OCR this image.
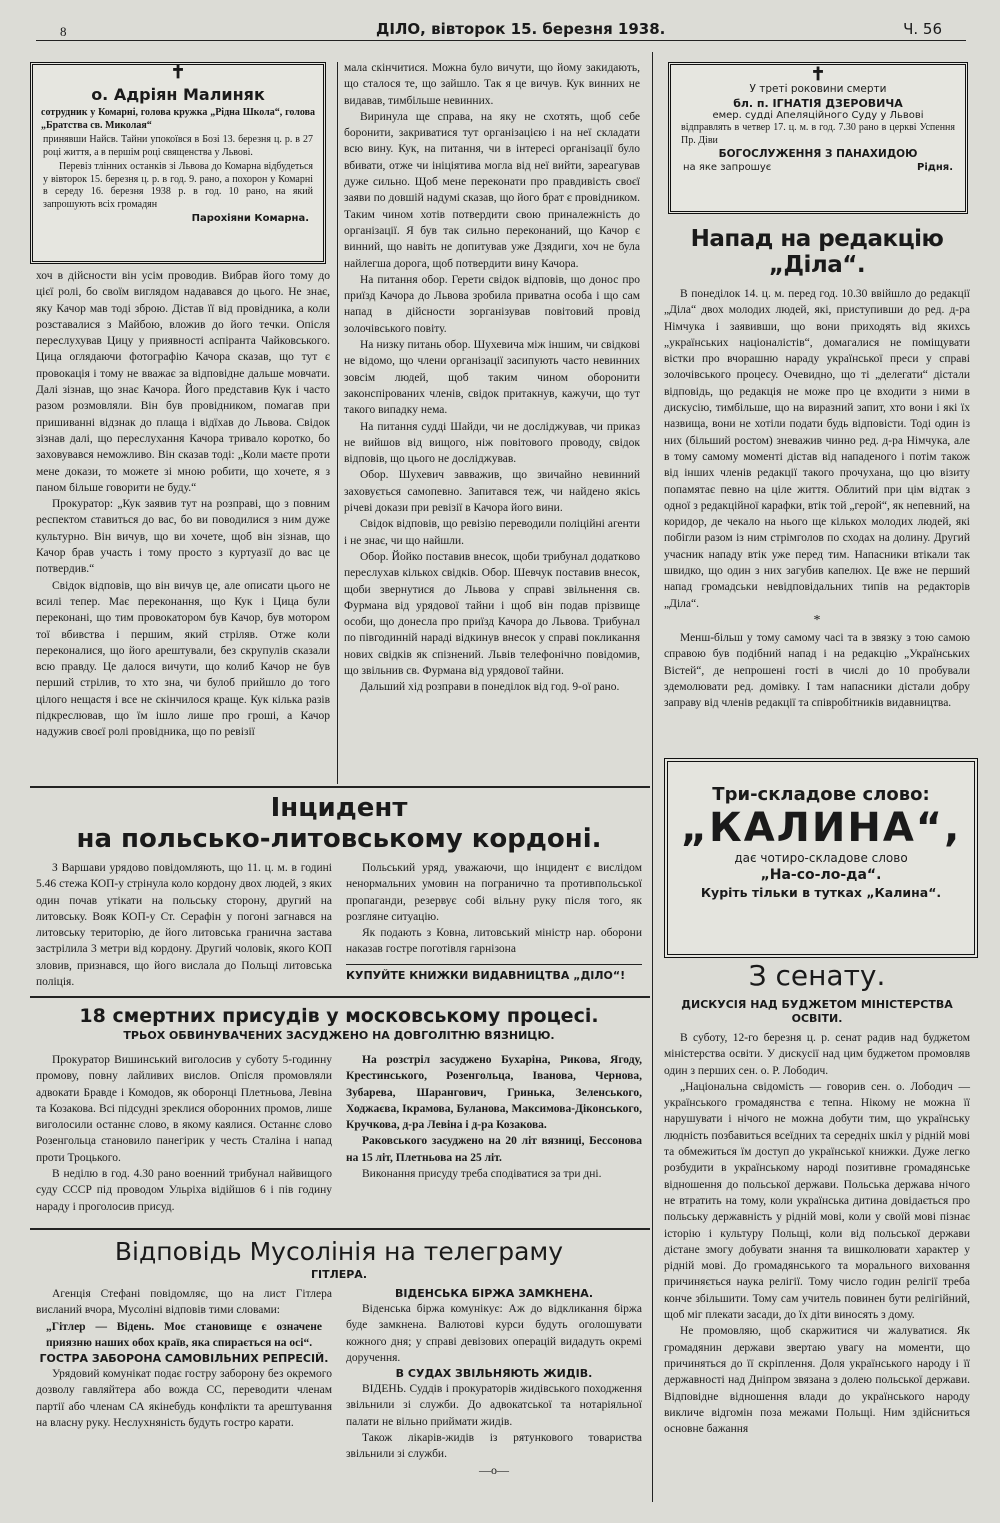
8	ДІЛО, вівторок 15. березня 1938.	Ч. 56
✝
о. Адріян Малиняк

сотрудник у Комарні, голова кружка „Рідна Школа“, голова „Братства св. Миколая“

принявши Найсв. Тайни упокоївся в Бозі 13. березня ц. р. в 27 році життя, а в першім році священства у Львові.

Перевіз тлінних останків зі Львова до Комарна відбудеться у вівторок 15. березня ц. р. в год. 9. рано, а похорон у Комарні в середу 16. березня 1938 р. в год. 10 рано, на який запрошують всіх громадян

Парохіяни Комарна.

хоч в дійсности він усім проводив. Вибрав його тому до цієї ролі, бо своїм виглядом надавався до цього. Не знає, яку Качор мав тоді зброю. Дістав її від провідника, а коли розставалися з Майбою, вложив до його течки. Опісля переслухував Цицу у приявності аспіранта Чайковського. Цица оглядаючи фотографію Качора сказав, що тут є провокація і тому не вважає за відповідне дальше мовчати. Далі зізнав, що знає Качора. Його представив Кук і часто разом розмовляли. Він був провідником, помагав при пришиванні відзнак до плаща і відїхав до Львова. Свідок зізнав далі, що переслухання Качора тривало коротко, бо заховувався неможливо. Він сказав тоді: „Коли маєте проти мене докази, то можете зі мною робити, що хочете, я з паном більше говорити не буду.“

Прокуратор: „Кук заявив тут на розправі, що з повним респектом ставиться до вас, бо ви поводилися з ним дуже культурно. Він вичув, що ви хочете, щоб він зізнав, що Качор брав участь і тому просто з куртуазії до вас це потвердив.“

Свідок відповів, що він вичув це, але описати цього не всилі тепер. Має переконання, що Кук і Цица були переконані, що тим провокатором був Качор, був мотором тої вбивства і першим, який стріляв. Отже коли переконалися, що його арештували, без скрупулів сказали всю правду. Це далося вичути, що колиб Качор не був перший стрілив, то хто зна, чи булоб прийшло до того цілого нещастя і все не скінчилося краще. Кук кілька разів підкреслював, що їм ішло лише про гроші, а Качор надужив своєї ролі провідника, що по ревізії

мала скінчитися. Можна було вичути, що йому закидають, що сталося те, що зайшло. Так я це вичув. Кук винних не видавав, тимбільше невинних.

Виринула ще справа, на яку не схотять, щоб себе боронити, закриватися тут організацією і на неї складати всю вину. Кук, на питання, чи в інтересі організації було вбивати, отже чи ініціятива могла від неї вийти, зареагував дуже сильно. Щоб мене переконати про правдивість своєї заяви по довшій надумі сказав, що його брат є провідником. Таким чином хотів потвердити свою приналежність до організації. Я був так сильно переконаний, що Качор є винний, що навіть не допитував уже Дзядиги, хоч не була найлегша дорога, щоб потвердити вину Качора.

На питання обор. Герети свідок відповів, що донос про приїзд Качора до Львова зробила приватна особа і що сам напад в дійсности зорганізував повітовий провід золочівського повіту.

На низку питань обор. Шухевича між іншим, чи свідкові не відомо, що члени організації засипують часто невинних зовсім людей, щоб таким чином оборонити законспірованих членів, свідок притакнув, кажучи, що тут такого випадку нема.

На питання судді Шайди, чи не досліджував, чи приказ не вийшов від вищого, ніж повітового проводу, свідок відповів, що цього не досліджував.

Обор. Шухевич завважив, що звичайно невинний заховується самопевно. Запитався теж, чи найдено якісь річеві докази при ревізії в Качора його вини.

Свідок відповів, що ревізію переводили поліційні агенти і не знає, чи що найшли.

Обор. Йойко поставив внесок, щоби трибунал додатково переслухав кількох свідків. Обор. Шевчук поставив внесок, щоби звернутися до Львова у справі звільнення св. Фурмана від урядової тайни і щоб він подав прізвище особи, що донесла про приїзд Качора до Львова. Трибунал по півгодинній нараді відкинув внесок у справі покликання нових свідків як спізнений. Львів телефонічно повідомив, що звільнив св. Фурмана від урядової тайни.

Дальший хід розправи в понеділок від год. 9-ої рано.

✝
У треті роковини смерти
бл. п. ІГНАТІЯ ДЗЕРОВИЧА
емер. судді Апеляційного Суду у Львові

відправлять в четвер 17. ц. м. в год. 7.30 рано в церкві Успення Пр. Діви

БОГОСЛУЖЕННЯ З ПАНАХИДОЮ
на яке запрошує	Рідня.
Напад на редакцію „Діла“.

В понеділок 14. ц. м. перед год. 10.30 ввійшло до редакції „Діла“ двох молодих людей, які, приступивши до ред. д-ра Німчука і заявивши, що вони приходять від якихсь „українських націоналістів“, домагалися не поміщувати вістки про вчорашню нараду української преси у справі золочівського процесу. Очевидно, що ті „делегати“ дістали відповідь, що редакція не може про це входити з ними в дискусію, тимбільше, що на виразний запит, хто вони і які їх назвища, вони не хотіли подати будь відповісти. Тоді один із них (більший ростом) зневажив чинно ред. д-ра Німчука, але в тому самому моменті дістав від нападеного і потім також від інших членів редакції такого прочухана, що цю візиту попамятає певно на ціле життя. Облитий при цім відтак з одної з редакційної карафки, втік той „герой“, як непевний, на коридор, де чекало на нього ще кількох молодих людей, які побігли разом із ним стрімголов по сходах на долину. Другий учасник нападу втік уже перед тим. Напасники втікали так швидко, що один з них загубив капелюх. Це вже не перший напад громадськи невідповідальних типів на редакторів „Діла“.

*

Менш-більш у тому самому часі та в звязку з тою самою справою був подібний напад і на редакцію „Українських Вістей“, де непрошені гості в числі до 10 пробували здемолювати ред. домівку. І там напасники дістали добру заправу від членів редакції та співробітників видавництва.

Три-складове слово:
„КАЛИНА“,
дає чотиро-складове слово
„На-со-ло-да“.
Куріть тільки в тутках „Калина“.
Інцидент
на польсько-литовському кордоні.

З Варшави урядово повідомляють, що 11. ц. м. в годині 5.46 стежа КОП-у стрінула коло кордону двох людей, з яких один почав утікати на польську сторону, другий на литовську. Вояк КОП-у Ст. Серафін у погоні загнався на литовську територію, де його литовська гранична застава застрілила 3 метри від кордону. Другий чоловік, якого КОП зловив, признався, що його вислала до Польщі литовська поліція.

Польський уряд, уважаючи, що інцидент є вислідом ненормальних умовин на погранично та противпольської пропаганди, резервує собі вільну руку після того, як розгляне ситуацію.

Як подають з Ковна, литовський міністр нар. оборони наказав гостре поготівля гарнізона

КУПУЙТЕ КНИЖКИ ВИДАВНИЦТВА „ДІЛО“!	З сенату.
ДИСКУСІЯ НАД БУДЖЕТОМ МІНІСТЕРСТВА ОСВІТИ.

В суботу, 12-го березня ц. р. сенат радив над буджетом міністерства освіти. У дискусії над цим буджетом промовляв один з перших сен. о. Р. Лободич.

„Національна свідомість — говорив сен. о. Лободич — українського громадянства є тепна. Нікому не можна її нарушувати і нічого не можна добути тим, що українську людність позбавиться всеїдних та середніх шкіл у рідній мові та обмежиться їм доступ до української книжки. Дуже легко розбудити в українському народі позитивне громадянське відношення до польської держави. Польська держава нічого не втратить на тому, коли українська дитина довідається про польську державність у рідній мові, коли у своїй мові пізнає історію і культуру Польщі, коли від польської держави дістане змогу добувати знання та вишколювати характер у рідній мові. До громадянського та морального виховання причиняється наука релігії. Тому число годин релігії треба конче збільшити. Тому сам учитель повинен бути релігійний, щоб міг плекати засади, до їх діти виносять з дому.

Не промовляю, щоб скаржитися чи жалуватися. Як громадянин держави звертаю увагу на моменти, що причиняться до її скріплення. Доля українського народу і її державності над Дніпром звязана з долею польської держави. Відповідне відношення влади до українського народу викличе відгомін поза межами Польщі. Ним здійсниться основне бажання

18 смертних присудів у московському процесі.
ТРЬОХ ОБВИНУВАЧЕНИХ ЗАСУДЖЕНО НА ДОВГОЛІТНЮ ВЯЗНИЦЮ.

Прокуратор Вишинський виголосив у суботу 5-годинну промову, повну лайливих вислов. Опісля промовляли адвокати Бравде і Комодов, як оборонці Плетньова, Левіна та Козакова. Всі підсудні зреклися оборонних промов, лише виголосили останнє слово, в якому каялися. Останнє слово Розенгольца становило панегірик у честь Сталіна і напад проти Троцького.

В неділю в год. 4.30 рано военний трибунал найвищого суду СССР під проводом Ульріха відійшов 6 і пів годину нараду і проголосив присуд.

На розстріл засуджено Бухаріна, Рикова, Ягоду, Крестинського, Розенгольца, Іванова, Чернова, Зубарева, Шарангович, Гринька, Зеленського, Ходжаєва, Ікрамова, Буланова, Максимова-Діконського, Кручкова, д-ра Левіна і д-ра Козакова.

Раковського засуджено на 20 літ вязниці, Бессонова на 15 літ, Плетньова на 25 літ.

Виконання присуду треба сподіватися за три дні.

Відповідь Мусолінія на телеграму
ГІТЛЕРА.

Агенція Стефані повідомляє, що на лист Гітлера висланий вчора, Мусоліні відповів тими словами:

„Гітлер — Відень. Моє становище є означене приязню наших обох країв, яка спирається на осі“.

ГОСТРА ЗАБОРОНА САМОВІЛЬНИХ РЕПРЕСІЙ.

Урядовий комунікат подає гостру заборону без окремого дозволу гавляйтера або вожда СС, переводити членам партії або членам СА якінебудь конфлікти та арештування на власну руку. Неслухняність будуть гостро карати.

ВІДЕНСЬКА БІРЖА ЗАМКНЕНА.

Віденська біржа комунікує: Аж до відкликання біржа буде замкнена. Валютові курси будуть оголошувати кожного дня; у справі девізових операцій видадуть окремі доручення.

В СУДАХ ЗВІЛЬНЯЮТЬ ЖИДІВ.

ВІДЕНЬ. Суддів і прокураторів жидівського походження звільнили зі служби. До адвокатської та нотаріяльної палати не вільно приймати жидів.

Також лікарів-жидів із рятункового товариства звільнили зі служби.

—о—
